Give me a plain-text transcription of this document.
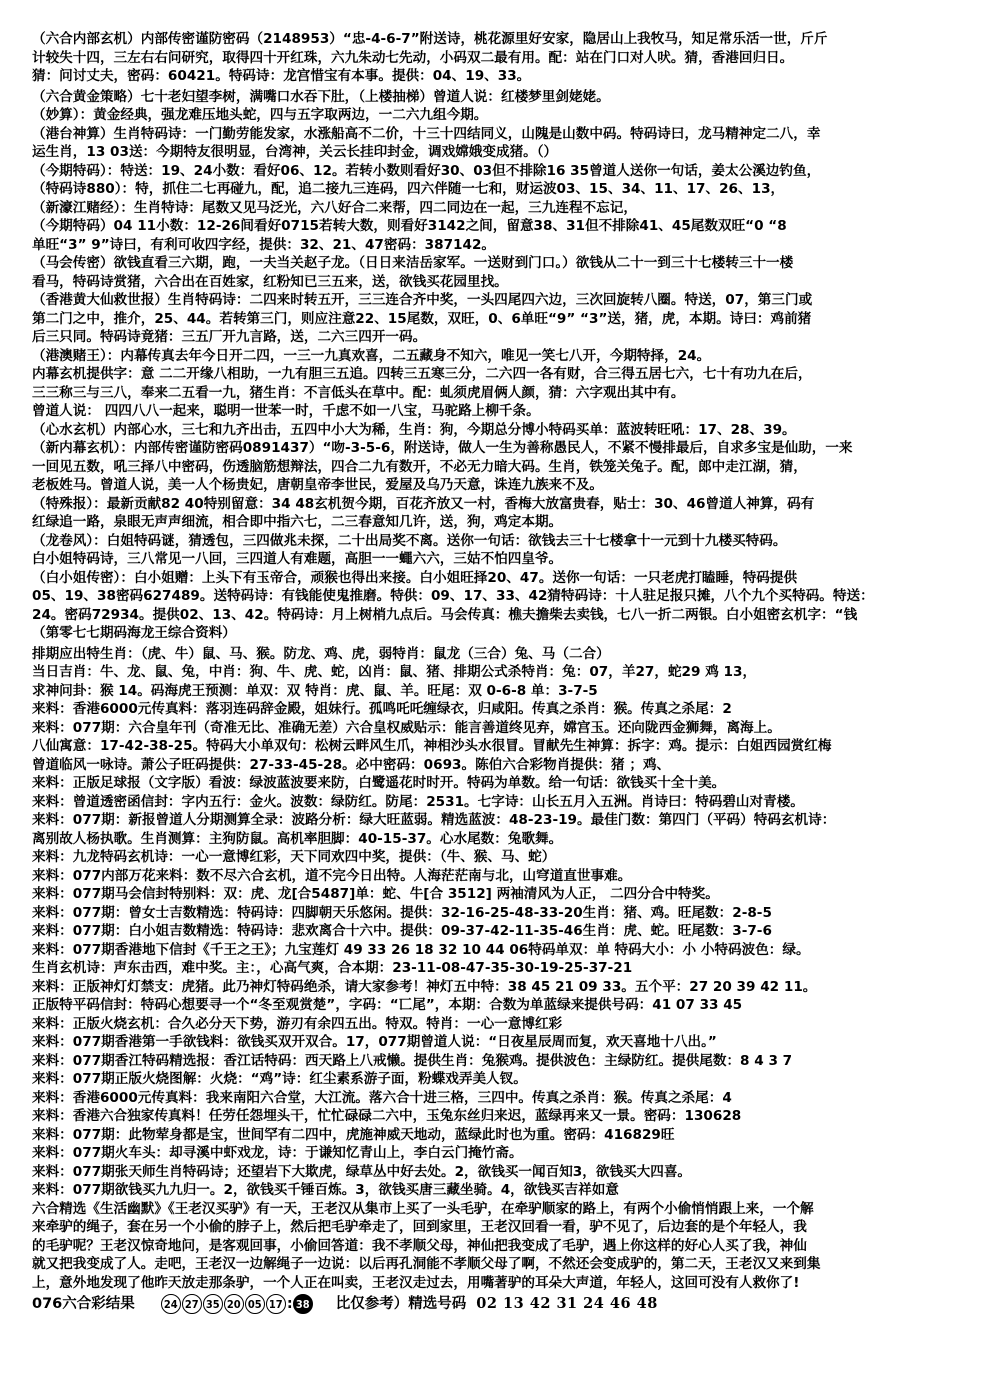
（六合内部玄机）内部传密谨防密码（2148953）“忠-4-6-7”附送诗，桃花源里好安家，隐居山上我牧马，知足常乐活一世，斤斤
计较失十四，三左右右问研究，取得四十开红珠，六九朱动七先动，小码双二最有用。配：站在门口对人吠。猜，香港回归日。
猜：问讨丈夫，密码：60421。特码诗：龙宫惜宝有本事。提供：04、19、33。
（六合黄金策略）七十老妇望李树，满嘴口水吞下肚，（上楼抽梯）曾道人说：红楼梦里剑姥姥。
（妙算）：黄金经典，强龙难压地头蛇，四与五字取两边，一二六九组今期。
（港台神算）生肖特码诗：一门勤劳能发家，水涨船高不二价，十三十四结同义，山隗是山数中码。特码诗曰，龙马精神定二八，幸
运生肖，13 03送：今期特友很明显，台湾神，关云长挂印封金，调戏嫦娥变成猪。（）
（今期特码）：特送：19、24小数：看好06、12。若转小数则看好30、03但不排除16 35曾道人送你一句话，姜太公溪边钓鱼，
（特码诗880）：特，抓住二七再碰九，配，追二接九三连码，四六伴随一七和，财运波03、15、34、11、17、26、13，
（新濠江赌经）：生肖特诗：尾数又见马泛光，六八好合二来帮，四二同边在一起，三九连程不忘记，
（今期特码）04 11小数：12-26间看好0715若转大数，则看好3142之间，留意38、31但不排除41、45尾数双旺“0 “8
单旺“3” 9”诗曰，有利可收四字经，提供：32、21、47密码：387142。
（马会传密）欲钱直看三六期，跑，一夫当关赵子龙。（日日来洁岳家军。一送财到门口。）欲钱从二十一到三十七楼转三十一楼
看马，特码诗赏猪，六合出在百姓家，红粉知已三五来，送，欲钱买花园里找。
（香港黄大仙救世报）生肖特码诗：二四来时转五开，三三连合齐中奖，一头四尾四六边，三次回旋转八圈。特送，07，第三门或
第二门之中，推介，25、44。若转第三门，则应注意22、15尾数，双旺，0、6单旺“9” “3”送，猪，虎，本期。诗曰：鸡前猪
后三只同。特码诗竟猪：三五厂开九言路，送，二六三四开一码。
（港澳赌王）：内幕传真去年今日开二四，一三一九真欢喜，二五藏身不知六，唯见一笑七八开，今期特择，24。
内幕玄机提供字：意 二二开缘八相助，一九有胆三五追。四转三五寒三分，二六四一各有财，合三得五居七六，七十有功九在后，
三三称三与三八，奉来二五看一九，猪生肖：不言低头在草中。配：虬须虎眉俩人颜，猜：六字观出其中有。
曾道人说： 四四八八一起来，聪明一世苯一时，千虑不如一八宝，马驼路上柳千条。
（心水玄机）内部心水，三七和九齐出击，五四中小大为稀，生肖：狗，今期总分博小特码买单：蓝波转旺吼：17、28、39。
（新内幕玄机）：内部传密谨防密码0891437）“吻-3-5-6，附送诗，做人一生为善称愚民人，不紧不慢排最后，自求多宝是仙助，一来
一回见五数，吼三择八中密码，伤透脑筋想辩法，四合二九有数开，不必无力暗大码。生肖，铁笼关兔子。配，郎中走江湖，猜，
老板姓马。曾道人说，美一人个杨贵妃，唐朝皇帝李世民，爱屋及乌乃天意，诛连九族来不及。
（特殊报）：最新贡献82 40特别留意：34 48玄机贺今期，百花齐放又一村，香梅大放富贵春，贴士：30、46曾道人神算，码有
红绿追一路，泉眼无声声细流，相合即中指六七，二三春意知几许，送，狗，鸡定本期。
（龙卷风）：白姐特码谜，猜透包，三四做兆未探，二十出局奖不离。送你一句话：欲钱去三十七楼拿十一元到十九楼买特码。
白小姐特码诗，三八常见一八回，三四道人有难题，高胆一一蠅六六，三姑不怕四皇爷。
（白小姐传密）：白小姐赠：上头下有玉帝合，顽猴也得出来接。白小姐旺择20、47。送你一句话：一只老虎打瞌睡，特码提供
05、19、38密码627489。送特码诗：有钱能使鬼推磨。特供：09、17、33、42猜特码诗：十人驻足报只摊，八个九个买特码。特送：
24。密码72934。提供02、13、42。特码诗：月上树梢九点后。马会传真：樵夫擔柴去卖钱，七八一折二两银。白小姐密玄机字：“钱
（第零七七期码海龙王综合资料）
排期应出特生肖：（虎、牛）鼠、马、猴。防龙、鸡、虎，弱特肖：鼠龙（三合）兔、马（二合）
当日吉肖：牛、龙、鼠、兔，中肖：狗、牛、虎、蛇，凶肖：鼠、猪、排期公式杀特肖：兔：07，羊27，蛇29 鸡 13，
求神问卦：猴 14。码海虎王预测：单双：双 特肖：虎、鼠、羊。旺尾：双 0-6-8 单：3-7-5
来料：香港6000元传真料：落羽连码辞金殿，姐妹行。孤鸣吒吒缠绿衣，归咸阳。传真之杀肖：猴。传真之杀尾：2
来料：077期：六合皇年刊（奇准无比、准确无差）六合皇权威贴示：能言善道终见弃，嫦宫玉。还向陇西金狮舞，离海上。
八仙寓意：17-42-38-25。特码大小单双句：松树云畔风生爪，神相沙头水很冒。冒献先生神算：拆字：鸡。提示：白姐西园赏红梅
曾道临风一咏诗。萧公子旺码提供：27-33-45-28。必中密码：0693。陈伯六合彩物肖提供：猪 ；鸡、
来料：正版足球报（文字版）看波：绿波蓝波要来防，白鹭遥花时时开。特码为单数。给一句话：欲钱买十全十美。
来料：曾道透密函信封：字内五行：金火。波数：绿防红。防尾：2531。七字诗：山长五月入五洲。肖诗曰：特码碧山对青楼。
来料：077期：新报曾道人分期测算全录：波路分析：绿大旺蓝弱。精选蓝波：48-23-19。最佳门数：第四门（平码）特码玄机诗：
离别故人杨执歌。生肖测算：主狗防鼠。高机率胆脚：40-15-37。心水尾数：兔歌舞。
来料：九龙特码玄机诗：一心一意博红彩，天下同欢四中奖，提供：（牛、猴、马、蛇）
来料：077内部万花来料：数不尽六合玄机，道不完今日出特。人海茫茫南与北，山穹道直世事难。
来料：077期马会信封特别料：双：虎、龙[合5487]单：蛇、牛[合 3512] 两袖清风为人正， 二四分合中特奖。
来料：077期：曾女士吉数精选：特码诗：四脚朝天乐悠闲。提供：32-16-25-48-33-20生肖：猪、鸡。旺尾数：2-8-5
来料：077期：白小姐吉数精选：特码诗：悲欢离合十六中。提供：09-37-42-11-35-46生肖：虎、蛇。旺尾数：3-7-6
来料：077期香港地下信封《千王之王》；九宝莲灯 49 33 26 18 32 10 44 06特码单双：单 特码大小：小 小特码波色：绿。
生肖玄机诗：声东击西，难中奖。主：，心高气爽，合本期：23-11-08-47-35-30-19-25-37-21
来料：正版神灯灯禁支：虎猪。此乃神灯特码绝杀，请大家参考！神灯五中特：38 45 21 09 33。五个平：27 20 39 42 11。
正版特平码信封：特码心想要寻一个“冬至观赏楚”，字码：“匸尾”，本期：合数为单蓝绿来提供号码：41 07 33 45
来料：正版火烧玄机：合久必分天下势，游刃有余四五出。特双。特肖：一心一意博红彩
来料：077期香港第一手欲钱料：欲钱买双开双合。17，077期曾道人说：“日夜星辰周而复，欢天喜地十八出。”
来料：077期香江特码精选报：香江话特码：西天路上八戒懒。提供生肖：兔猴鸡。提供波色：主绿防红。提供尾数：8 4 3 7
来料：077期正版火烧图解：火烧：“鸡”诗：红尘素系游子面，粉蝶戏弄美人钗。
来料：香港6000元传真料：我来南阳六合堂，大江流。落六合十进三格，三四中。传真之杀肖：猴。传真之杀尾：4
来料：香港六合独家传真料！任劳任怨埋头干，忙忙碌碌二六中，玉兔东丝归来迟，蓝绿再来又一景。密码：130628
来料：077期：此物荤身都是宝，世间罕有二四中，虎施神威天地动，蓝绿此时也为重。密码：416829旺
来料：077期火车头：却寻溪中虾戏龙，诗：于谦知忆青山上，李白云门掩竹斋。
来料：077期张天师生肖特码诗；还望岩下大欺虎，绿草丛中好去处。2，欲钱买一闻百知3，欲钱买大四喜。
来料：077期欲钱买九九归一。2，欲钱买千锤百炼。3，欲钱买唐三藏坐骑。4，欲钱买吉祥如意
六合精选《生活幽默》《王老汉买驴》有一天，王老汉从集市上买了一头毛驴，在牵驴顺家的路上，有两个小偷悄悄跟上来，一个解
来牵驴的绳子，套在另一个小偷的脖子上，然后把毛驴牵走了，回到家里，王老汉回看一看，驴不见了，后边套的是个年轻人，我
的毛驴呢？王老汉惊奇地问，是客观回事，小偷回答道：我不孝顺父母，神仙把我变成了毛驴，遇上你这样的好心人买了我，神仙
就又把我变成了人。走吧，王老汉一边解绳子一边说：以后再孔洞能不孝顺父母了啊，不然还会变成驴的，第二天，王老汉又来到集
上，意外地发现了他昨天放走那条驴，一个人正在叫卖，王老汉走过去，用嘴著驴的耳朵大声道，年轻人，这回可没有人救你了!
076六合彩结果	24 27 35 20 05 17 : 38 比仅参考）精选号码 02 13 42 31 24 46 48
